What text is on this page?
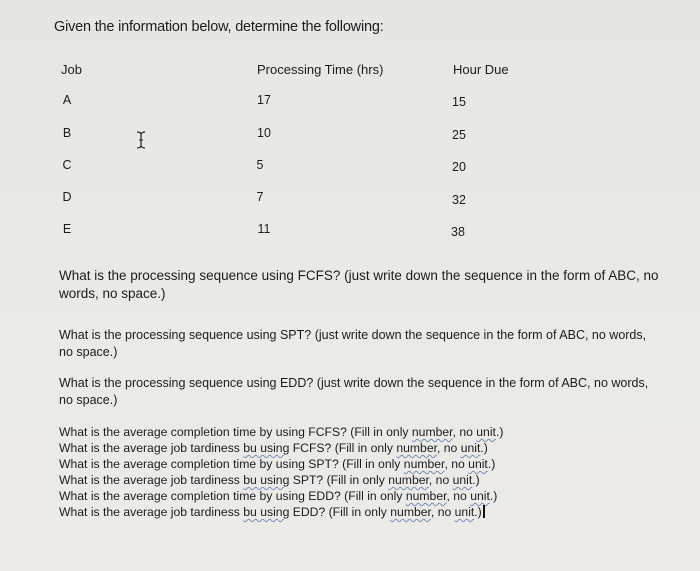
Given the information below, determine the following:
Job	Processing Time (hrs)	Hour Due
A	17	15
B	10	25
C	5	20
D	7	32
E	11	38
What is the processing sequence using FCFS? (just write down the sequence in the form of ABC, no words, no space.)
What is the processing sequence using SPT? (just write down the sequence in the form of ABC, no words, no space.)
What is the processing sequence using EDD? (just write down the sequence in the form of ABC, no words, no space.)
What is the average completion time by using FCFS? (Fill in only number, no unit.)
What is the average job tardiness bu using FCFS? (Fill in only number, no unit.)
What is the average completion time by using SPT? (Fill in only number, no unit.)
What is the average job tardiness bu using SPT? (Fill in only number, no unit.)
What is the average completion time by using EDD? (Fill in only number, no unit.)
What is the average job tardiness bu using EDD? (Fill in only number, no unit.)
